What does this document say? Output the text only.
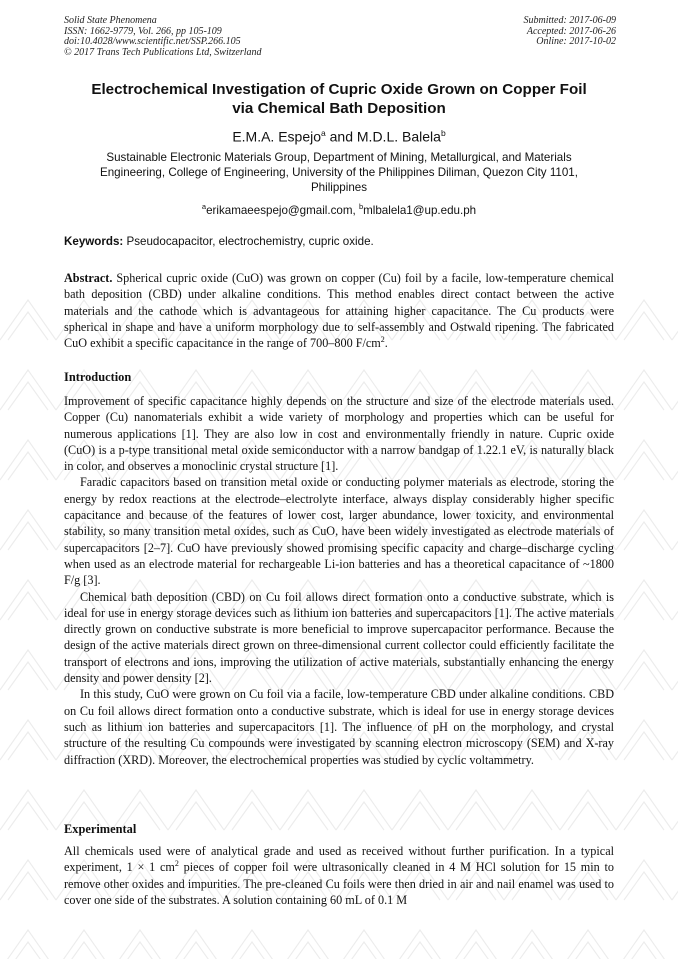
Solid State Phenomena
ISSN: 1662-9779, Vol. 266, pp 105-109
doi:10.4028/www.scientific.net/SSP.266.105
© 2017 Trans Tech Publications Ltd, Switzerland
Submitted: 2017-06-09
Accepted: 2017-06-26
Online: 2017-10-02
Electrochemical Investigation of Cupric Oxide Grown on Copper Foil
via Chemical Bath Deposition
E.M.A. Espejo$^a$ and M.D.L. Balela$^b$
Sustainable Electronic Materials Group, Department of Mining, Metallurgical, and Materials Engineering, College of Engineering, University of the Philippines Diliman, Quezon City 1101, Philippines
$^a$erikamaeespejo@gmail.com, $^b$mlbalela1@up.edu.ph
Keywords: Pseudocapacitor, electrochemistry, cupric oxide.

Abstract. Spherical cupric oxide (CuO) was grown on copper (Cu) foil by a facile, low-temperature chemical bath deposition (CBD) under alkaline conditions. This method enables direct contact between the active materials and the cathode which is advantageous for attaining higher capacitance. The Cu products were spherical in shape and have a uniform morphology due to self-assembly and Ostwald ripening. The fabricated CuO exhibit a specific capacitance in the range of 700–800 $F/cm^2$.

Introduction

Improvement of specific capacitance highly depends on the structure and size of the electrode materials used. Copper (Cu) nanomaterials exhibit a wide variety of morphology and properties which can be useful for numerous applications [1]. They are also low in cost and environmentally friendly in nature. Cupric oxide (CuO) is a p-type transitional metal oxide semiconductor with a narrow bandgap of 1.22.1 eV, is naturally black in color, and observes a monoclinic crystal structure [1].

Faradic capacitors based on transition metal oxide or conducting polymer materials as electrode, storing the energy by redox reactions at the electrode–electrolyte interface, always display considerably higher specific capacitance and because of the features of lower cost, larger abundance, lower toxicity, and environmental stability, so many transition metal oxides, such as CuO, have been widely investigated as electrode materials of supercapacitors [2–7]. CuO have previously showed promising specific capacity and charge–discharge cycling when used as an electrode material for rechargeable Li-ion batteries and has a theoretical capacitance of ~1800 F/g [3].

Chemical bath deposition (CBD) on Cu foil allows direct formation onto a conductive substrate, which is ideal for use in energy storage devices such as lithium ion batteries and supercapacitors [1]. The active materials directly grown on conductive substrate is more beneficial to improve supercapacitor performance. Because the design of the active materials direct grown on three-dimensional current collector could efficiently facilitate the transport of electrons and ions, improving the utilization of active materials, substantially enhancing the energy density and power density [2].

In this study, CuO were grown on Cu foil via a facile, low-temperature CBD under alkaline conditions. CBD on Cu foil allows direct formation onto a conductive substrate, which is ideal for use in energy storage devices such as lithium ion batteries and supercapacitors [1]. The influence of pH on the morphology, and crystal structure of the resulting Cu compounds were investigated by scanning electron microscopy (SEM) and X-ray diffraction (XRD). Moreover, the electrochemical properties was studied by cyclic voltammetry.

Experimental

All chemicals used were of analytical grade and used as received without further purification. In a typical experiment, 1 × 1 $cm^2$ pieces of copper foil were ultrasonically cleaned in 4 M HCl solution for 15 min to remove other oxides and impurities. The pre-cleaned Cu foils were then dried in air and nail enamel was used to cover one side of the substrates. A solution containing 60 mL of 0.1 M
